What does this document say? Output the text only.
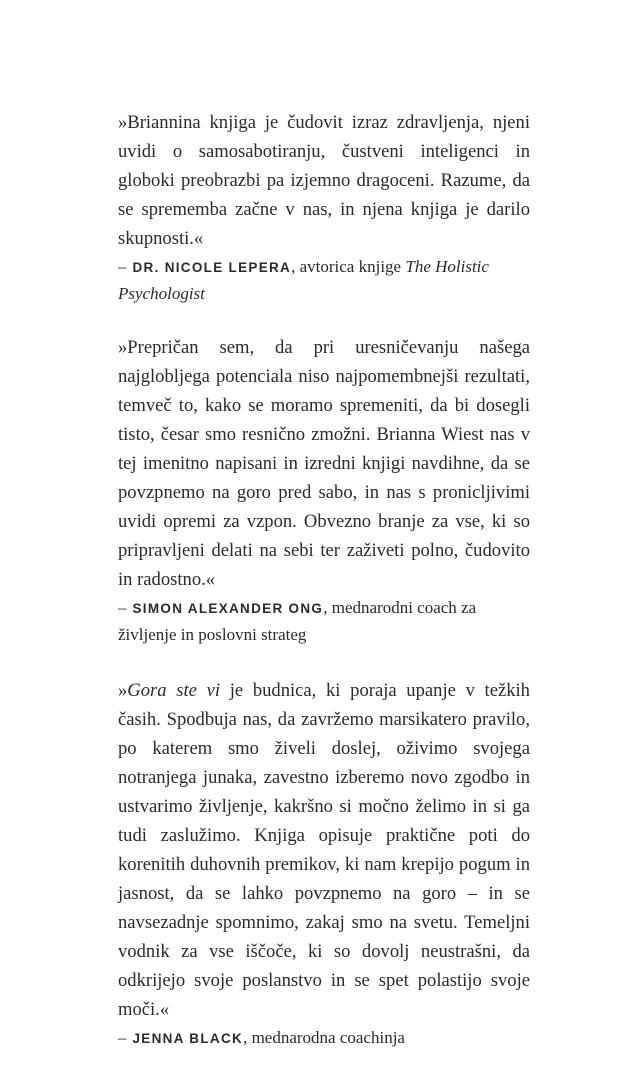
»Briannina knjiga je čudovit izraz zdravljenja, njeni uvidi o samosabotiranju, čustveni inteligenci in globoki preobrazbi pa izjemno dragoceni. Razume, da se sprememba začne v nas, in njena knjiga je darilo skupnosti.«

– DR. NICOLE LEPERA, avtorica knjige The Holistic Psychologist

»Prepričan sem, da pri uresničevanju našega najglobljega potenciala niso najpomembnejši rezultati, temveč to, kako se moramo spremeniti, da bi dosegli tisto, česar smo resnično zmožni. Brianna Wiest nas v tej imenitno napisani in izredni knjigi navdihne, da se povzpnemo na goro pred sabo, in nas s pronicljivimi uvidi opremi za vzpon. Obvezno branje za vse, ki so pripravljeni delati na sebi ter zaživeti polno, čudovito in radostno.«

– SIMON ALEXANDER ONG, mednarodni coach za življenje in poslovni strateg

»Gora ste vi je budnica, ki poraja upanje v težkih časih. Spodbuja nas, da zavržemo marsikatero pravilo, po katerem smo živeli doslej, oživimo svojega notranjega junaka, zavestno izberemo novo zgodbo in ustvarimo življenje, kakršno si močno želimo in si ga tudi zaslužimo. Knjiga opisuje praktične poti do korenitih duhovnih premikov, ki nam krepijo pogum in jasnost, da se lahko povzpnemo na goro – in se navsezadnje spomnimo, zakaj smo na svetu. Temeljni vodnik za vse iščoče, ki so dovolj neustrašni, da odkrijejo svoje poslanstvo in se spet polastijo svoje moči.«

– JENNA BLACK, mednarodna coachinja
